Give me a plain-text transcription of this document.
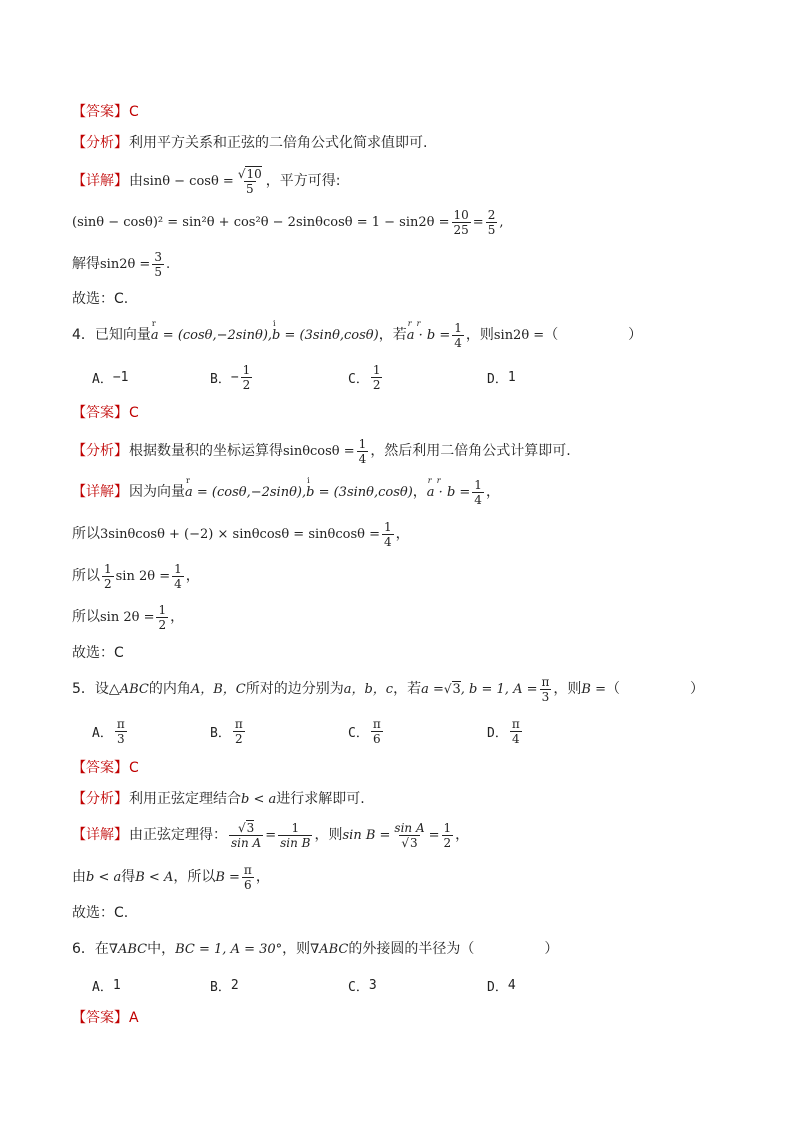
【答案】 C
【分析】 利用平方关系和正弦的二倍角公式化简求值即可.
【详解】 由 $\sin\theta - \cos\theta = \frac{√10}{5}$ ，平方可得:
$(\sin\theta - \cos\theta)^2 = \sin^2\theta + \cos^2\theta - 2\sin\theta\cos\theta = 1 - \sin 2\theta = \frac{10}{25} = \frac{2}{5}$ ,
解得 $\sin 2\theta = \frac{3}{5}$ .
故选：C.
4．已知向量
r
a = (cosθ,−2sinθ),
i
b = (3sinθ,cosθ) ，若
r  r
$a \cdot b = \frac{1}{4}$ ，则 sin2θ = （　　　　　）
A． −1	B． − $\frac{1}{2}$	C． $\frac{1}{2}$	D． 1
【答案】 C
【分析】 根据数量积的坐标运算得 $\sin\theta\cos\theta = \frac{1}{4}$ ，然后利用二倍角公式计算即可.
【详解】 因为向量
r
a = (cosθ,−2sinθ),
i
b = (3sinθ,cosθ) ，
r  r
$a \cdot b = \frac{1}{4}$ ，
所以 $3\sin\theta\cos\theta + (-2) \times \sin\theta\cos\theta = \sin\theta\cos\theta = \frac{1}{4}$ ，
所以 $\frac{1}{2}$ $\sin 2\theta = \frac{1}{4}$ ，
所以 $\sin 2\theta = \frac{1}{2}$ ，
故选：C
5．设△ ABC 的内角 A，B，C 所对的边分别为 a，b，c ，若 a = √3 , b = 1, $A = \frac{\pi}{3}$ ，则 B = （　　　　　）
A． $\frac{\pi}{3}$	B． $\frac{\pi}{2}$	C． $\frac{\pi}{6}$	D． $\frac{\pi}{4}$
【答案】 C
【分析】 利用正弦定理结合 b < a 进行求解即可.
【详解】 由正弦定理得： $\frac{√3}{\text{sin A}} = \frac{1}{\text{sin B}}$ ，则 $\sin B = \frac{\text{sin A}}{√3} = \frac{1}{2}$ ，
由 b < a 得 B < A ，所以 $B = \frac{\pi}{6}$ ，
故选：C.
6．在 ∇ABC 中， BC = 1, A = 30° ，则 ∇ABC 的外接圆的半径为（　　　　　）
A． 1	B． 2	C． 3	D． 4
【答案】 A
